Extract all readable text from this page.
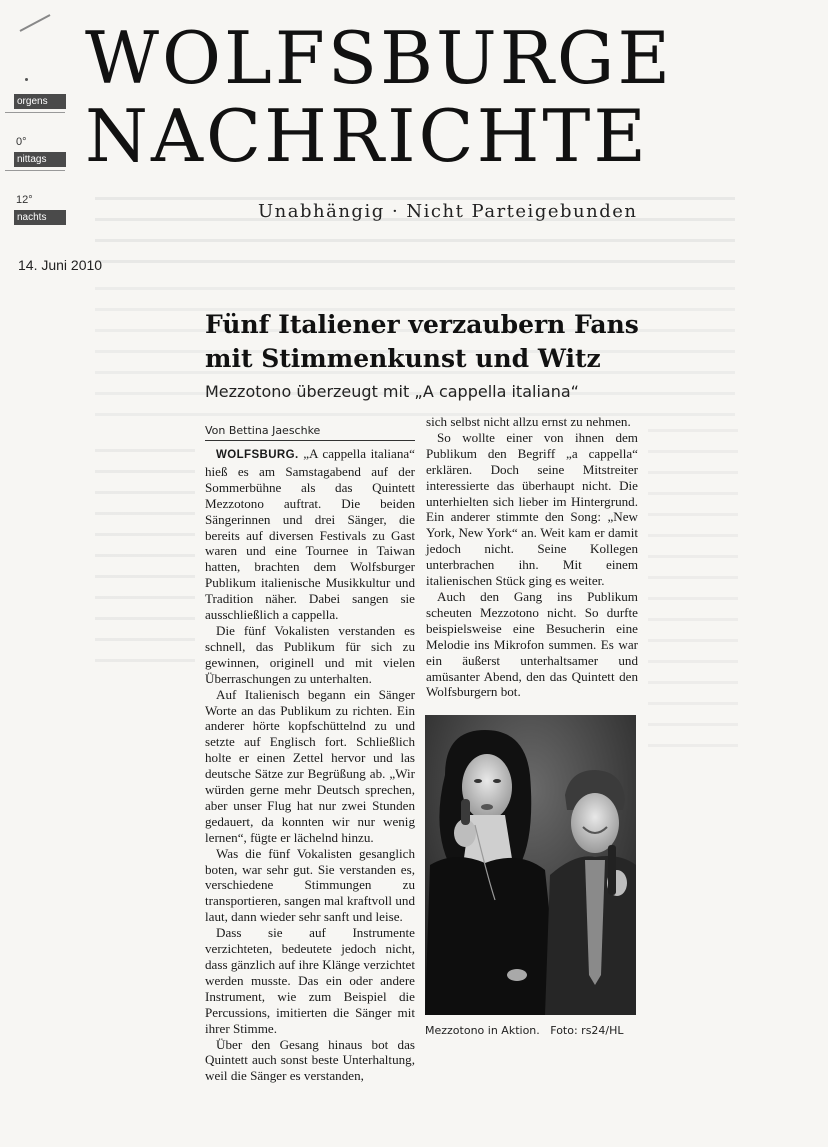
WOLFSBURGE
NACHRICHTE
Unabhängig · Nicht Parteigebunden
orgens
0°
nittags
12°
nachts
14. Juni 2010
Fünf Italiener verzaubern Fans
mit Stimmenkunst und Witz
Mezzotono überzeugt mit „A cappella italiana“
Von Bettina Jaeschke

WOLFSBURG. „A cappella italiana“ hieß es am Samstagabend auf der Sommerbühne als das Quintett Mezzotono auftrat. Die beiden Sängerinnen und drei Sänger, die bereits auf diversen Festivals zu Gast waren und eine Tournee in Taiwan hatten, brachten dem Wolfsburger Publikum italienische Musikkultur und Tradition näher. Dabei sangen sie ausschließlich a cappella.

Die fünf Vokalisten verstanden es schnell, das Publikum für sich zu gewinnen, originell und mit vielen Überraschungen zu unterhalten.

Auf Italienisch begann ein Sänger Worte an das Publikum zu richten. Ein anderer hörte kopfschüttelnd zu und setzte auf Englisch fort. Schließlich holte er einen Zettel hervor und las deutsche Sätze zur Begrüßung ab. „Wir würden gerne mehr Deutsch sprechen, aber unser Flug hat nur zwei Stunden gedauert, da konnten wir nur wenig lernen“, fügte er lächelnd hinzu.

Was die fünf Vokalisten gesanglich boten, war sehr gut. Sie verstanden es, verschiedene Stimmungen zu transportieren, sangen mal kraftvoll und laut, dann wieder sehr sanft und leise.

Dass sie auf Instrumente verzichteten, bedeutete jedoch nicht, dass gänzlich auf ihre Klänge verzichtet werden musste. Das ein oder andere Instrument, wie zum Beispiel die Percussions, imitierten die Sänger mit ihrer Stimme.

Über den Gesang hinaus bot das Quintett auch sonst beste Unterhaltung, weil die Sänger es verstanden,

sich selbst nicht allzu ernst zu nehmen.

So wollte einer von ihnen dem Publikum den Begriff „a cappella“ erklären. Doch seine Mitstreiter interessierte das überhaupt nicht. Die unterhielten sich lieber im Hintergrund. Ein anderer stimmte den Song: „New York, New York“ an. Weit kam er damit jedoch nicht. Seine Kollegen unterbrachen ihn. Mit einem italienischen Stück ging es weiter.

Auch den Gang ins Publikum scheuten Mezzotono nicht. So durfte beispielsweise eine Besucherin eine Melodie ins Mikrofon summen. Es war ein äußerst unterhaltsamer und amüsanter Abend, den das Quintett den Wolfsburgern bot.

Mezzotono in Aktion. Foto: rs24/HL
